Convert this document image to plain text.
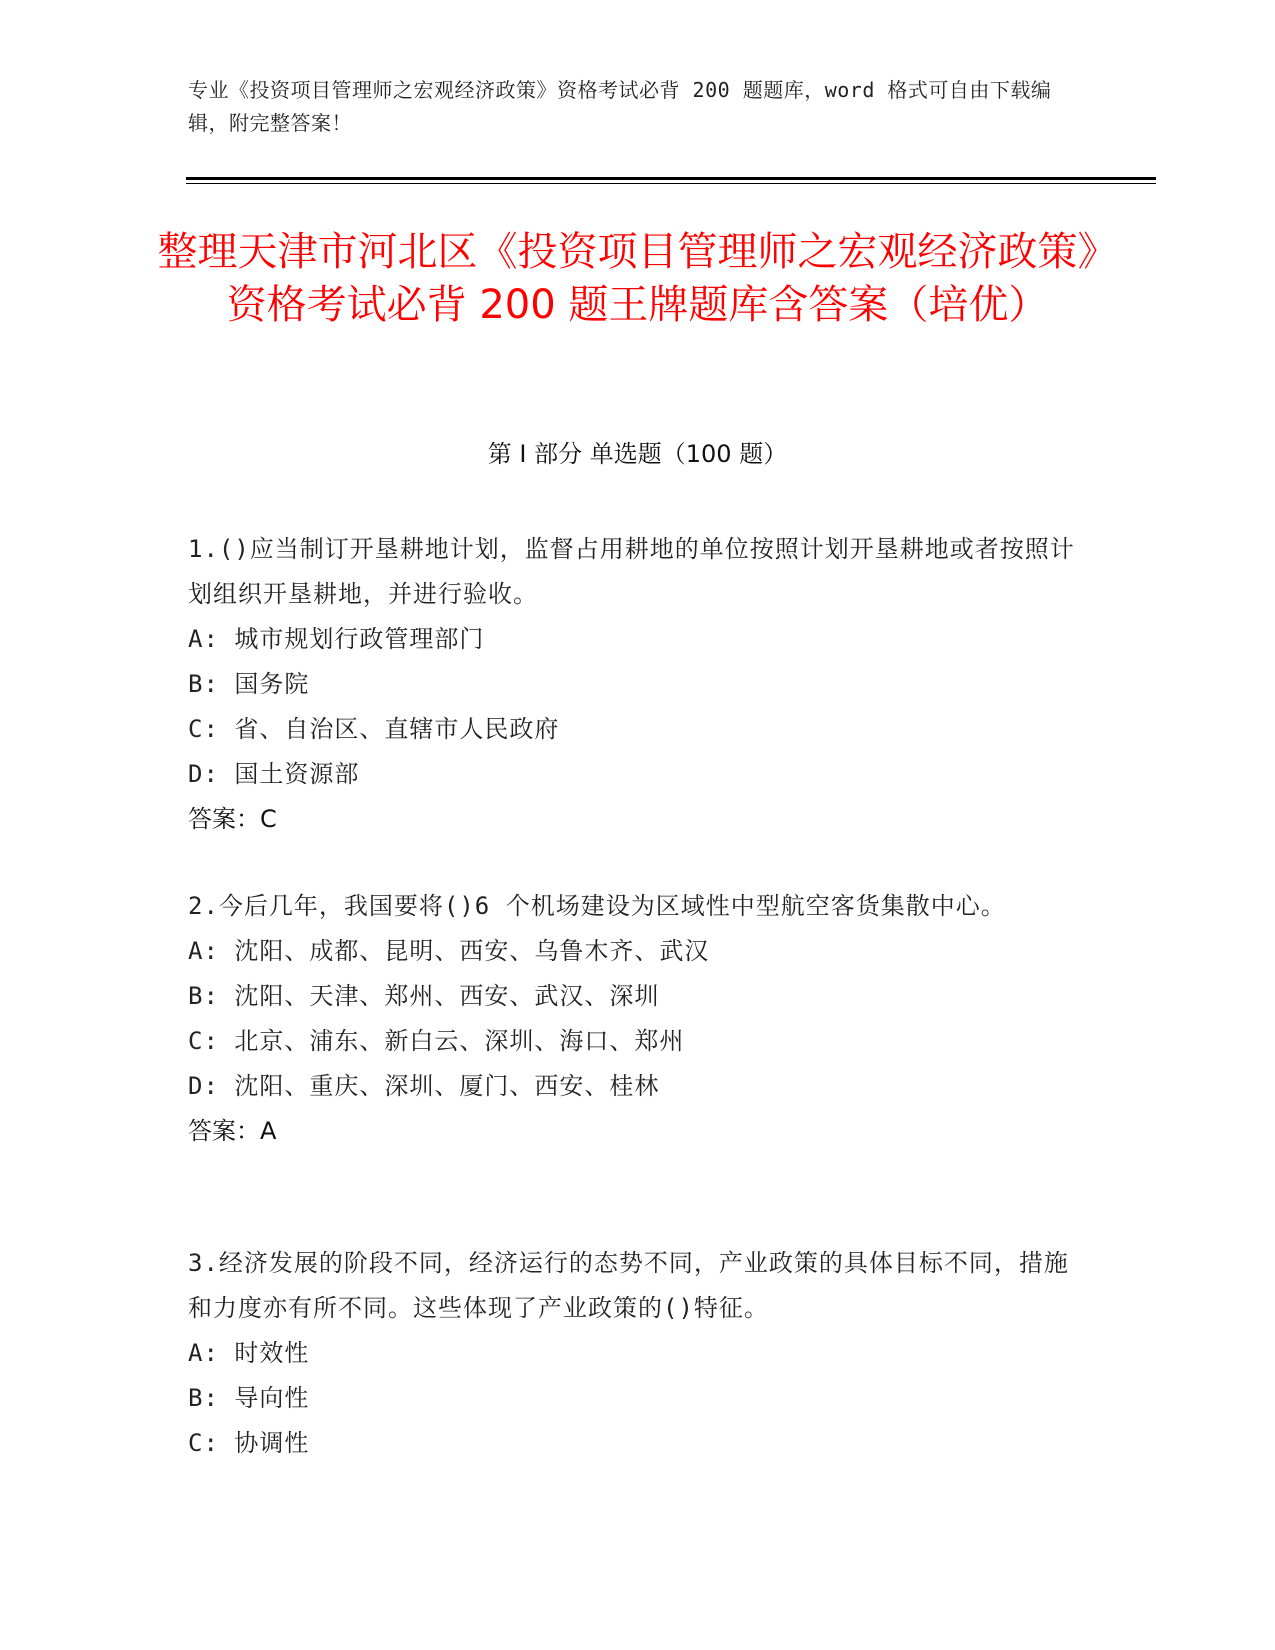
专业《投资项目管理师之宏观经济政策》资格考试必背 200 题题库，word 格式可自由下载编辑，附完整答案！
整理天津市河北区《投资项目管理师之宏观经济政策》资格考试必背 200 题王牌题库含答案（培优）
第 I 部分 单选题（100 题）
1.()应当制订开垦耕地计划，监督占用耕地的单位按照计划开垦耕地或者按照计划组织开垦耕地，并进行验收。
A: 城市规划行政管理部门
B: 国务院
C: 省、自治区、直辖市人民政府
D: 国土资源部
答案：C
2.今后几年，我国要将()6 个机场建设为区域性中型航空客货集散中心。
A: 沈阳、成都、昆明、西安、乌鲁木齐、武汉
B: 沈阳、天津、郑州、西安、武汉、深圳
C: 北京、浦东、新白云、深圳、海口、郑州
D: 沈阳、重庆、深圳、厦门、西安、桂林
答案：A
3.经济发展的阶段不同，经济运行的态势不同，产业政策的具体目标不同，措施和力度亦有所不同。这些体现了产业政策的()特征。
A: 时效性
B: 导向性
C: 协调性
